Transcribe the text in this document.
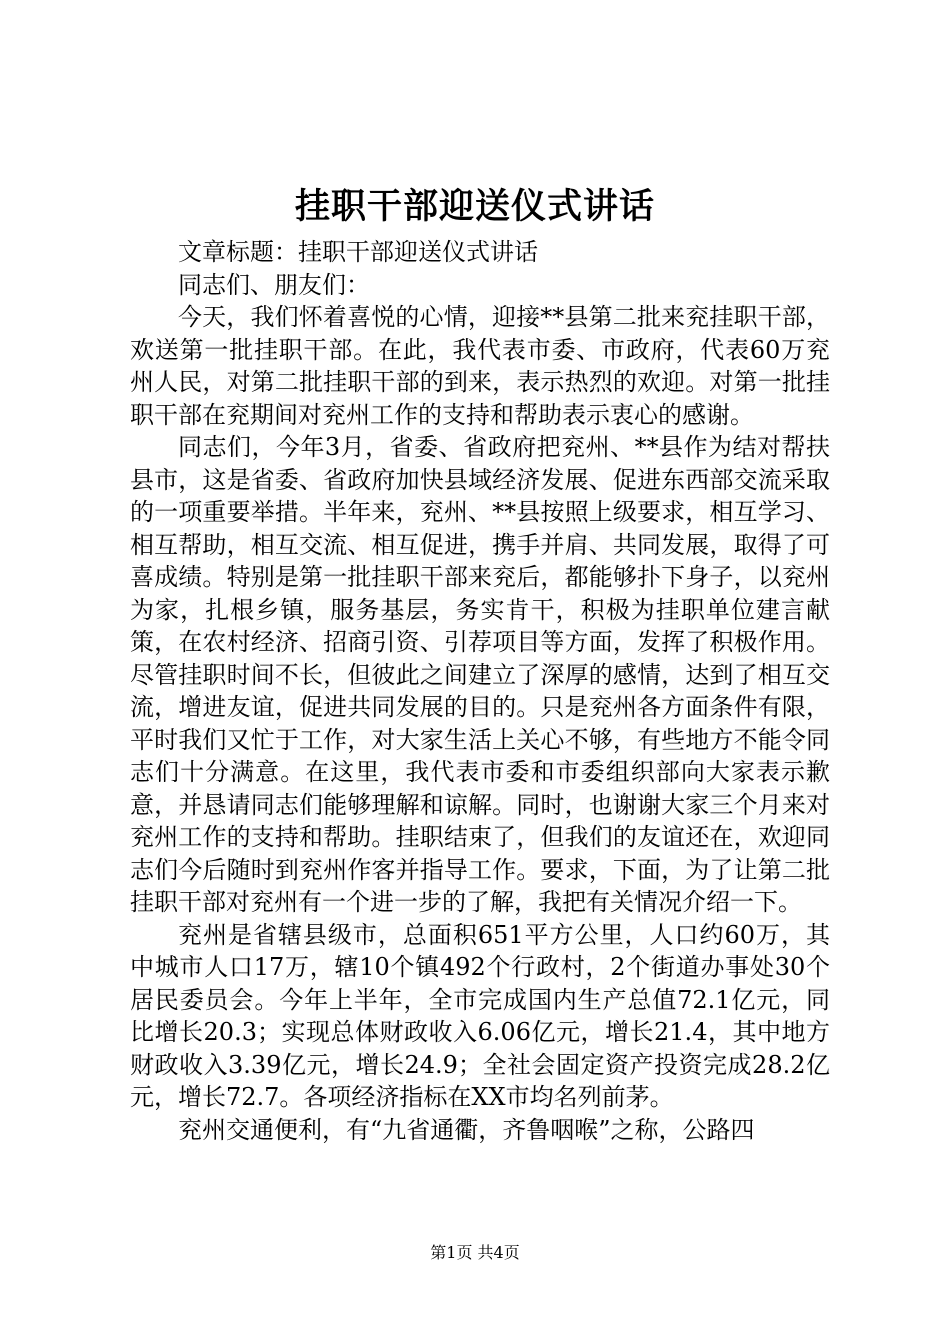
挂职干部迎送仪式讲话

文章标题：挂职干部迎送仪式讲话

同志们、朋友们：

今天，我们怀着喜悦的心情，迎接**县第二批来兖挂职干部，欢送第一批挂职干部。在此，我代表市委、市政府，代表60万兖州人民，对第二批挂职干部的到来，表示热烈的欢迎。对第一批挂职干部在兖期间对兖州工作的支持和帮助表示衷心的感谢。

同志们，今年3月，省委、省政府把兖州、**县作为结对帮扶县市，这是省委、省政府加快县域经济发展、促进东西部交流采取的一项重要举措。半年来，兖州、**县按照上级要求，相互学习、相互帮助，相互交流、相互促进，携手并肩、共同发展，取得了可喜成绩。特别是第一批挂职干部来兖后，都能够扑下身子，以兖州为家，扎根乡镇，服务基层，务实肯干，积极为挂职单位建言献策，在农村经济、招商引资、引荐项目等方面，发挥了积极作用。尽管挂职时间不长，但彼此之间建立了深厚的感情，达到了相互交流，增进友谊，促进共同发展的目的。只是兖州各方面条件有限，平时我们又忙于工作，对大家生活上关心不够，有些地方不能令同志们十分满意。在这里，我代表市委和市委组织部向大家表示歉意，并恳请同志们能够理解和谅解。同时，也谢谢大家三个月来对兖州工作的支持和帮助。挂职结束了，但我们的友谊还在，欢迎同志们今后随时到兖州作客并指导工作。要求，下面，为了让第二批挂职干部对兖州有一个进一步的了解，我把有关情况介绍一下。

兖州是省辖县级市，总面积651平方公里，人口约60万，其中城市人口17万，辖10个镇492个行政村，2个街道办事处30个居民委员会。今年上半年，全市完成国内生产总值72.1亿元，同比增长20.3；实现总体财政收入6.06亿元，增长21.4，其中地方财政收入3.39亿元，增长24.9；全社会固定资产投资完成28.2亿元，增长72.7。各项经济指标在XX市均名列前茅。

兖州交通便利，有“九省通衢，齐鲁咽喉”之称，公路四

第1页 共4页
